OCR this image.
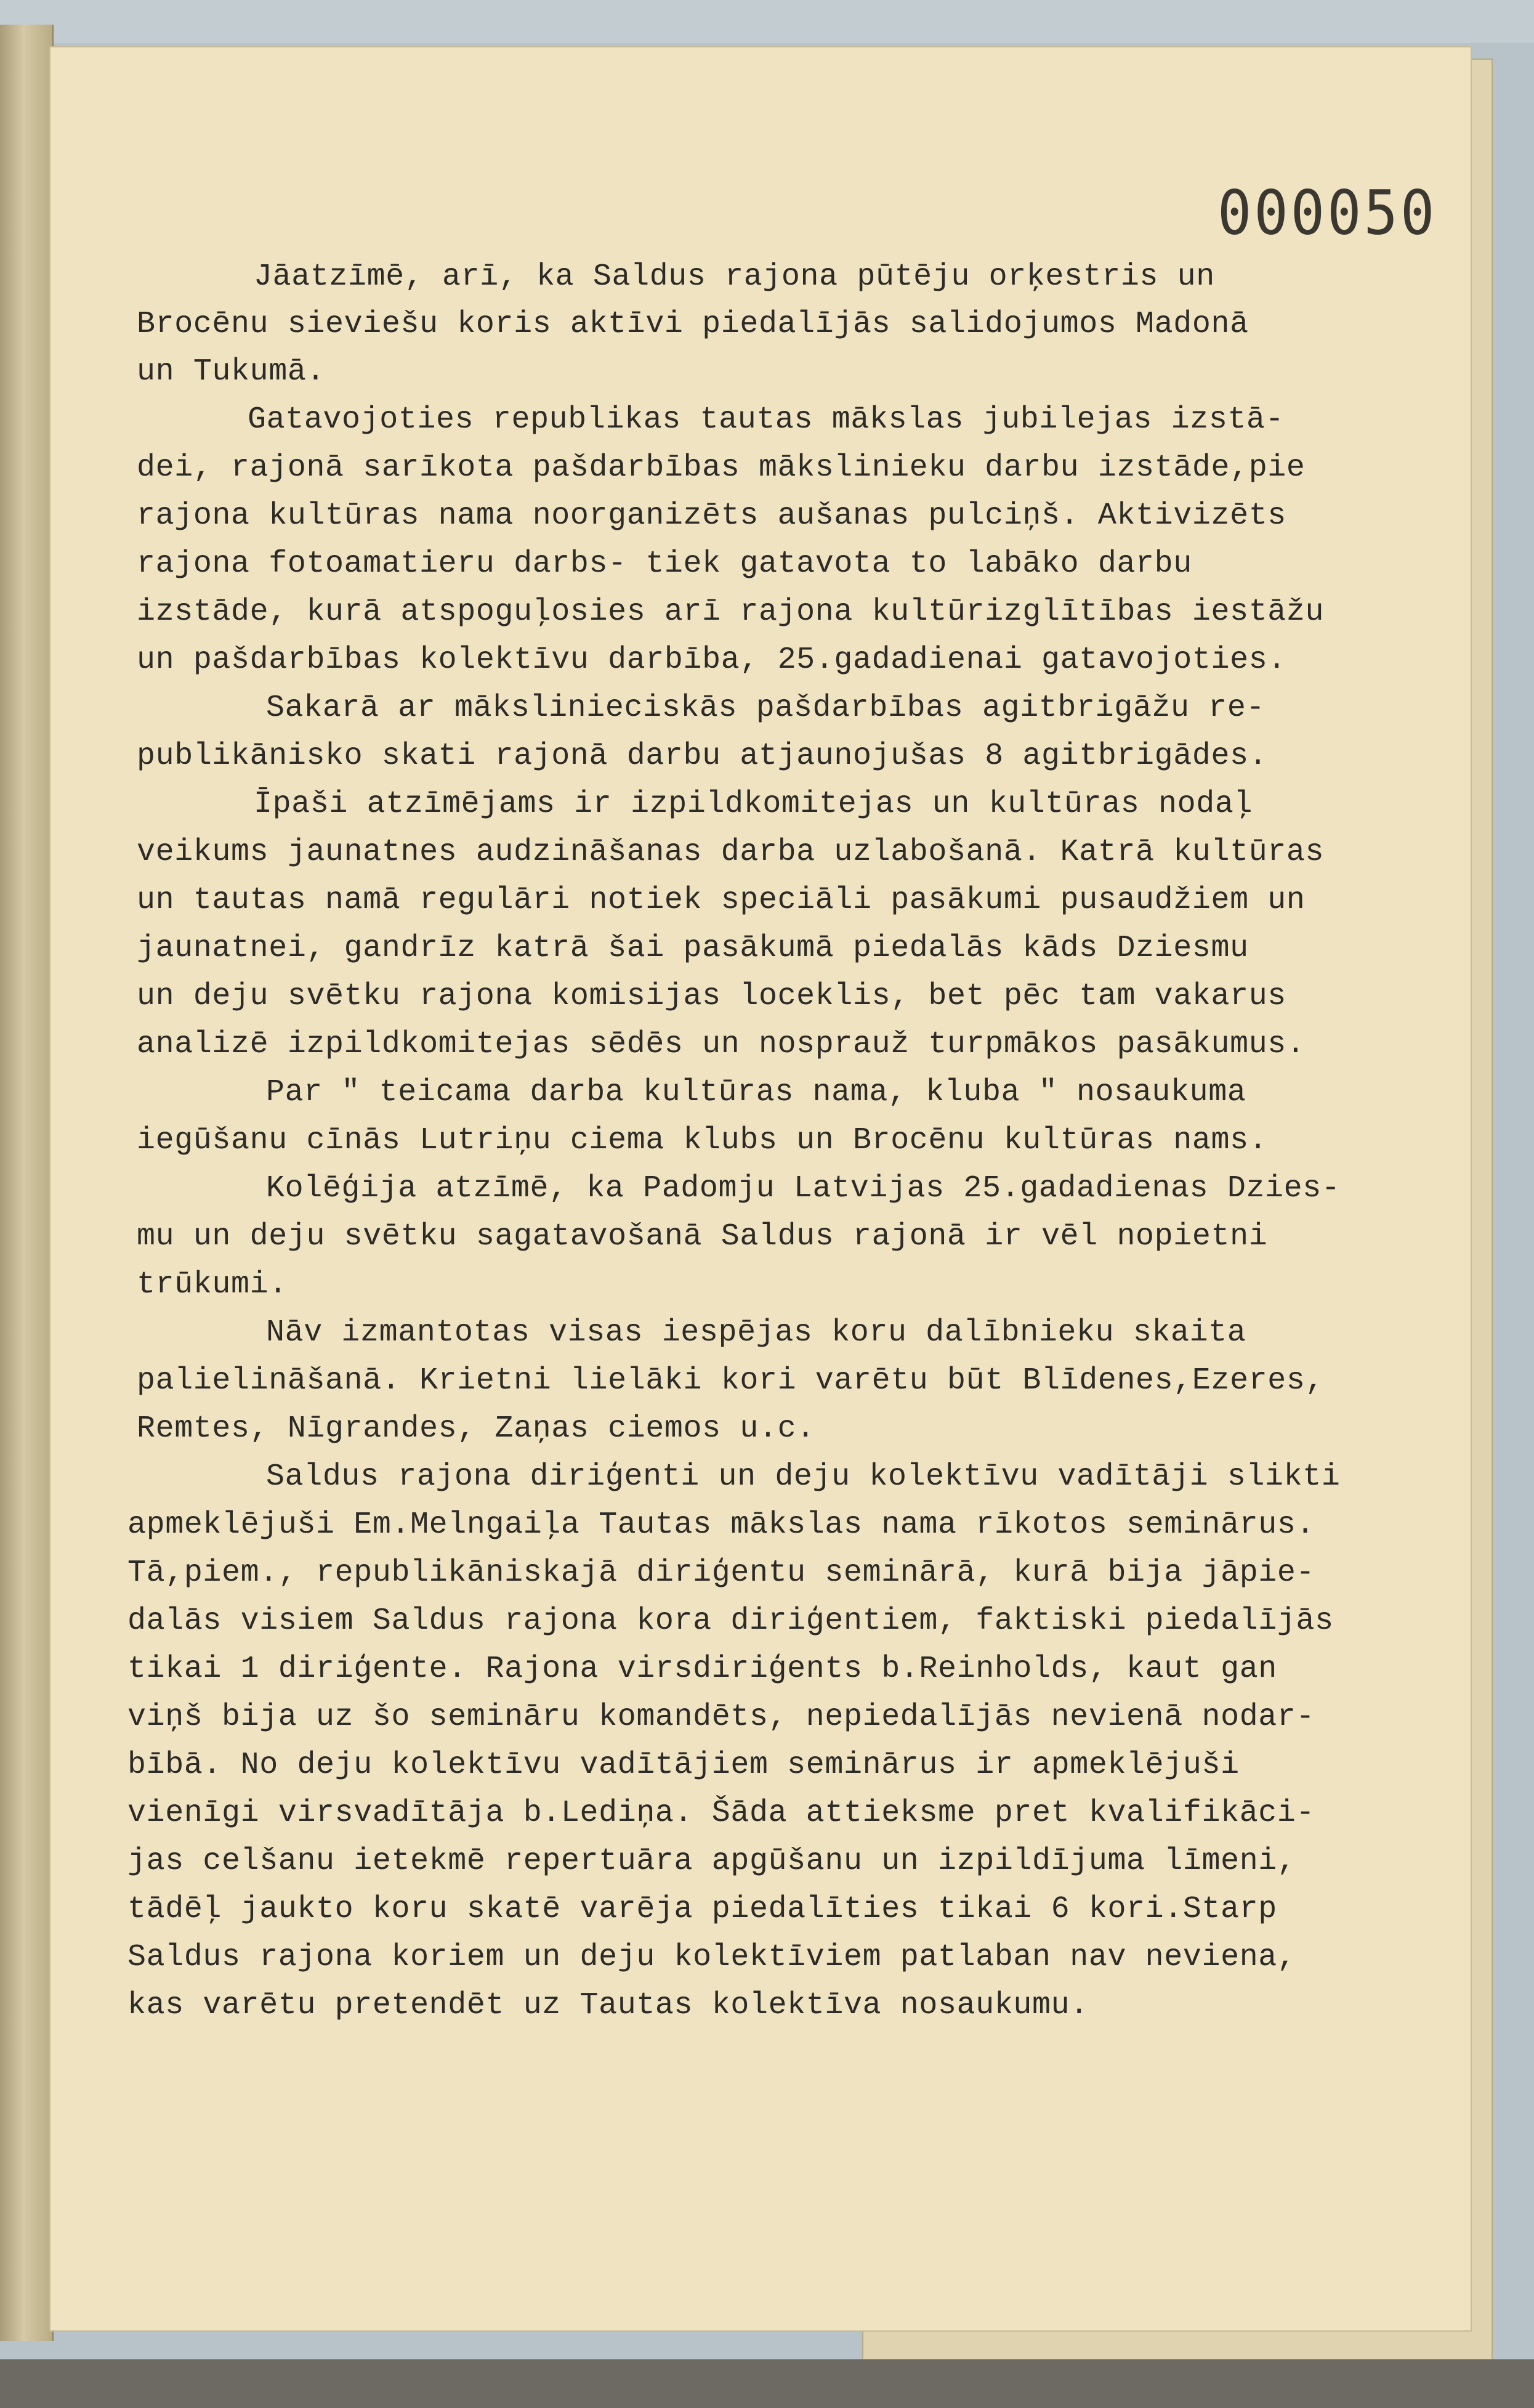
000050
Jāatzīmē, arī, ka Saldus rajona pūtēju orķestris un
Brocēnu sieviešu koris aktīvi piedalījās salidojumos Madonā
un Tukumā.
Gatavojoties republikas tautas mākslas jubilejas izstā-
dei, rajonā sarīkota pašdarbības mākslinieku darbu izstāde,pie
rajona kultūras nama noorganizēts aušanas pulciņš. Aktivizēts
rajona fotoamatieru darbs- tiek gatavota to labāko darbu
izstāde, kurā atspoguļosies arī rajona kultūrizglītības iestāžu
un pašdarbības kolektīvu darbība, 25.gadadienai gatavojoties.
Sakarā ar mākslinieciskās pašdarbības agitbrigāžu re-
publikāniskо skati rajonā darbu atjaunojušas 8 agitbrigādes.
Īpaši atzīmējams ir izpildkomitejas un kultūras nodaļ
veikums jaunatnes audzināšanas darba uzlabošanā. Katrā kultūras
un tautas namā regulāri notiek speciāli pasākumi pusaudžiem un
jaunatnei, gandrīz katrā šai pasākumā piedalās kāds Dziesmu
un deju svētku rajona komisijas loceklis, bet pēc tam vakarus
analizē izpildkomitejas sēdēs un nosprauž turpmākos pasākumus.
Par " teicama darba kultūras nama, kluba " nosaukuma
iegūšanu cīnās Lutriņu ciema klubs un Brocēnu kultūras nams.
Kolēģija atzīmē, ka Padomju Latvijas 25.gadadienas Dzies-
mu un deju svētku sagatavošanā Saldus rajonā ir vēl nopietni
trūkumi.
Nāv izmantotas visas iespējas koru dalībnieku skaita
palielināšanā. Krietni lielāki kori varētu būt Blīdenes,Ezeres,
Remtes, Nīgrandes, Zaņas ciemos u.c.
Saldus rajona diriģenti un deju kolektīvu vadītāji slikti
apmeklējuši Em.Melngaiļa Tautas mākslas nama rīkotos seminārus.
Tā,piem., republikāniskajā diriģentu seminārā, kurā bija jāpie-
dalās visiem Saldus rajona kora diriģentiem, faktiski piedalījās
tikai 1 diriģente. Rajona virsdiriģents b.Reinholds, kaut gan
viņš bija uz šo semināru komandēts, nepiedalījās nevienā nodar-
bībā. No deju kolektīvu vadītājiem seminārus ir apmeklējuši
vienīgi virsvadītāja b.Lediņa. Šāda attieksme pret kvalifikāci-
jas celšanu ietekmē repertuāra apgūšanu un izpildījuma līmeni,
tādēļ jaukto koru skatē varēja piedalīties tikai 6 kori.Starp
Saldus rajona koriem un deju kolektīviem patlaban nav neviena,
kas varētu pretendēt uz Tautas kolektīva nosaukumu.
